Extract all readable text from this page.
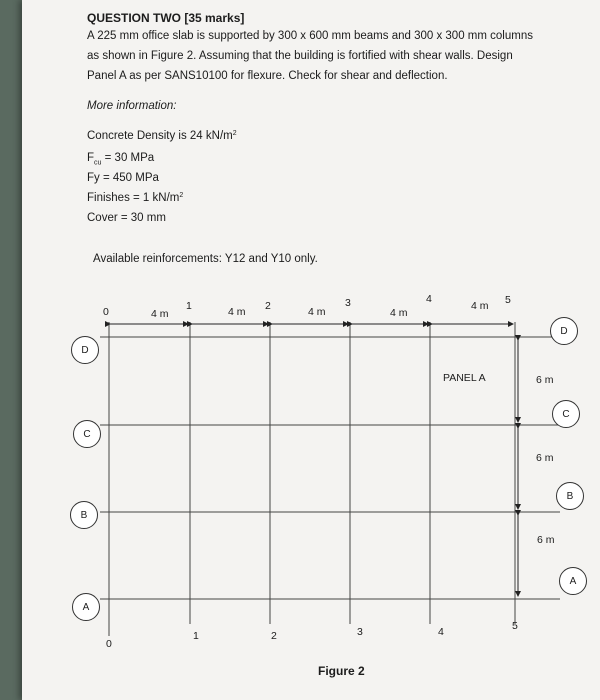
QUESTION TWO [35 marks]
A 225 mm office slab is supported by 300 x 600 mm beams and 300 x 300 mm columns
as shown in Figure 2. Assuming that the building is fortified with shear walls. Design
Panel A as per SANS10100 for flexure. Check for shear and deflection.
More information:
Concrete Density is 24 $kN/m^2$
$F_{cu} = 30$ MPa
Fy = 450 MPa
Finishes = 1 $kN/m^2$
Cover = 30 mm
Available reinforcements: Y12 and Y10 only.
0	1	2	3	4	5
4 m	4 m	4 m	4 m
4 m
0
1	2	3	4	5
D
C
B
A
D
C
B
A
6 m
6 m
6 m
PANEL A
Figure 2
